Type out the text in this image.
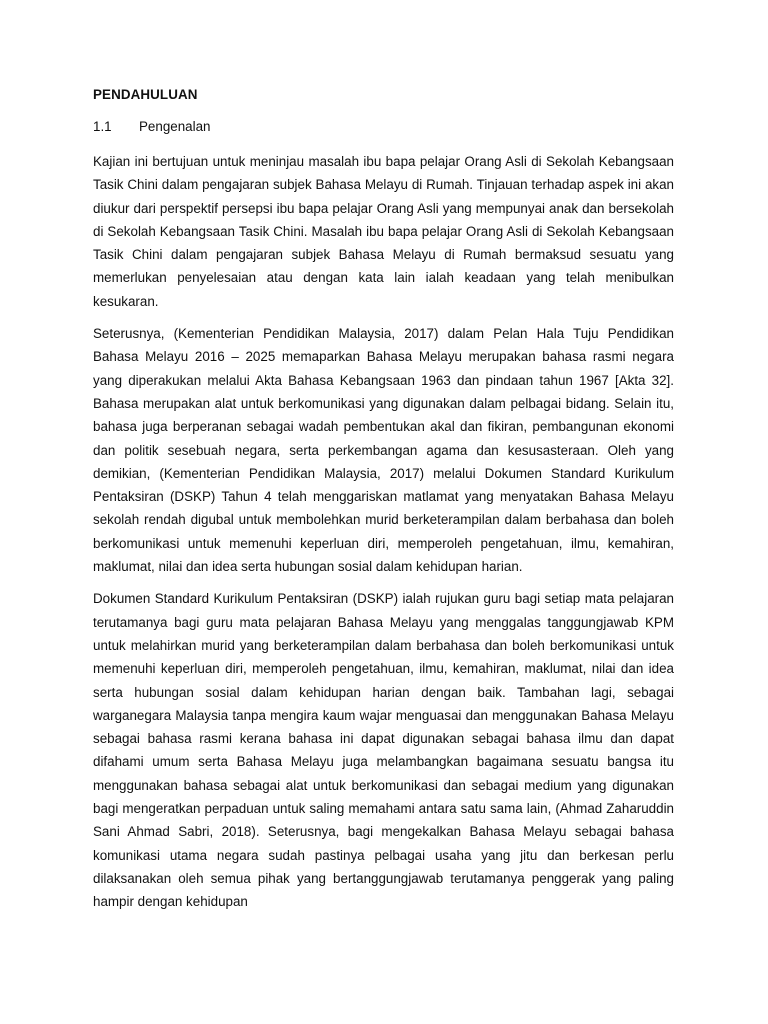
PENDAHULUAN
1.1	Pengenalan

Kajian ini bertujuan untuk meninjau masalah ibu bapa pelajar Orang Asli di Sekolah Kebangsaan Tasik Chini dalam pengajaran subjek Bahasa Melayu di Rumah. Tinjauan terhadap aspek ini akan diukur dari perspektif persepsi ibu bapa pelajar Orang Asli yang mempunyai anak dan bersekolah di Sekolah Kebangsaan Tasik Chini. Masalah ibu bapa pelajar Orang Asli di Sekolah Kebangsaan Tasik Chini dalam pengajaran subjek Bahasa Melayu di Rumah bermaksud sesuatu yang memerlukan penyelesaian atau dengan kata lain ialah keadaan yang telah menibulkan kesukaran.

Seterusnya, (Kementerian Pendidikan Malaysia, 2017) dalam Pelan Hala Tuju Pendidikan Bahasa Melayu 2016 – 2025 memaparkan Bahasa Melayu merupakan bahasa rasmi negara yang diperakukan melalui Akta Bahasa Kebangsaan 1963 dan pindaan tahun 1967 [Akta 32]. Bahasa merupakan alat untuk berkomunikasi yang digunakan dalam pelbagai bidang. Selain itu, bahasa juga berperanan sebagai wadah pembentukan akal dan fikiran, pembangunan ekonomi dan politik sesebuah negara, serta perkembangan agama dan kesusasteraan. Oleh yang demikian, (Kementerian Pendidikan Malaysia, 2017) melalui Dokumen Standard Kurikulum Pentaksiran (DSKP) Tahun 4 telah menggariskan matlamat yang menyatakan Bahasa Melayu sekolah rendah digubal untuk membolehkan murid berketerampilan dalam berbahasa dan boleh berkomunikasi untuk memenuhi keperluan diri, memperoleh pengetahuan, ilmu, kemahiran, maklumat, nilai dan idea serta hubungan sosial dalam kehidupan harian.

Dokumen Standard Kurikulum Pentaksiran (DSKP) ialah rujukan guru bagi setiap mata pelajaran terutamanya bagi guru mata pelajaran Bahasa Melayu yang menggalas tanggungjawab KPM untuk melahirkan murid yang berketerampilan dalam berbahasa dan boleh berkomunikasi untuk memenuhi keperluan diri, memperoleh pengetahuan, ilmu, kemahiran, maklumat, nilai dan idea serta hubungan sosial dalam kehidupan harian dengan baik. Tambahan lagi, sebagai warganegara Malaysia tanpa mengira kaum wajar menguasai dan menggunakan Bahasa Melayu sebagai bahasa rasmi kerana bahasa ini dapat digunakan sebagai bahasa ilmu dan dapat difahami umum serta Bahasa Melayu juga melambangkan bagaimana sesuatu bangsa itu menggunakan bahasa sebagai alat untuk berkomunikasi dan sebagai medium yang digunakan bagi mengeratkan perpaduan untuk saling memahami antara satu sama lain, (Ahmad Zaharuddin Sani Ahmad Sabri, 2018). Seterusnya, bagi mengekalkan Bahasa Melayu sebagai bahasa komunikasi utama negara sudah pastinya pelbagai usaha yang jitu dan berkesan perlu dilaksanakan oleh semua pihak yang bertanggungjawab terutamanya penggerak yang paling hampir dengan kehidupan
